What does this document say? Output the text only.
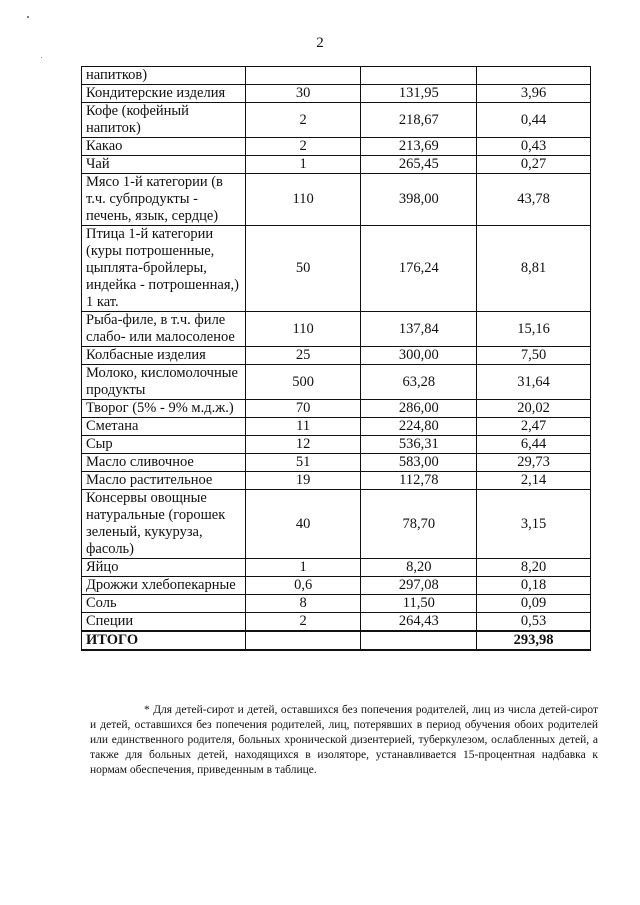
2
напитков)			
Кондитерские изделия	30	131,95	3,96
Кофе (кофейный напиток)	2	218,67	0,44
Какао	2	213,69	0,43
Чай	1	265,45	0,27
Мясо 1-й категории (в т.ч. субпродукты - печень, язык, сердце)	110	398,00	43,78
Птица 1-й категории (куры потрошенные, цыплята-бройлеры, индейка - потрошенная,) 1 кат.	50	176,24	8,81
Рыба-филе, в т.ч. филе слабо- или малосоленое	110	137,84	15,16
Колбасные изделия	25	300,00	7,50
Молоко, кисломолочные продукты	500	63,28	31,64
Творог (5% - 9% м.д.ж.)	70	286,00	20,02
Сметана	11	224,80	2,47
Сыр	12	536,31	6,44
Масло сливочное	51	583,00	29,73
Масло растительное	19	112,78	2,14
Консервы овощные натуральные (горошек зеленый, кукуруза, фасоль)	40	78,70	3,15
Яйцо	1	8,20	8,20
Дрожжи хлебопекарные	0,6	297,08	0,18
Соль	8	11,50	0,09
Специи	2	264,43	0,53
ИТОГО			293,98
* Для детей-сирот и детей, оставшихся без попечения родителей, лиц из числа детей-сирот и детей, оставшихся без попечения родителей, лиц, потерявших в период обучения обоих родителей или единственного родителя, больных хронической дизентерией, туберкулезом, ослабленных детей, а также для больных детей, находящихся в изоляторе, устанавливается 15-процентная надбавка к нормам обеспечения, приведенным в таблице.
